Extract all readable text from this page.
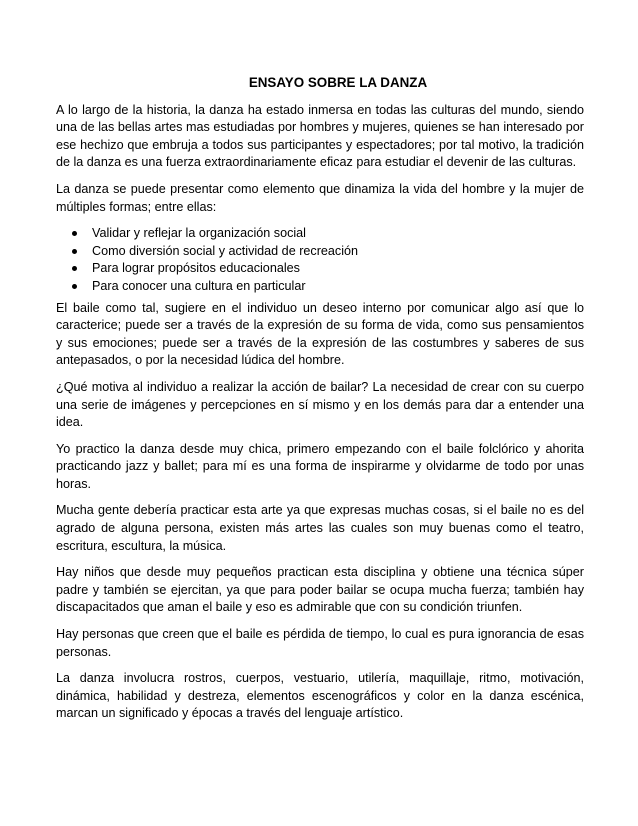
ENSAYO SOBRE LA DANZA

A lo largo de la historia, la danza ha estado inmersa en todas las culturas del mundo, siendo una de las bellas artes mas estudiadas por hombres y mujeres, quienes se han interesado por ese hechizo que embruja a todos sus participantes y espectadores; por tal motivo, la tradición de la danza es una fuerza extraordinariamente eficaz para estudiar el devenir de las culturas.

La danza se puede presentar como elemento que dinamiza la vida del hombre y la mujer de múltiples formas; entre ellas:

Validar y reflejar la organización social
Como diversión social y actividad de recreación
Para lograr propósitos educacionales
Para conocer una cultura en particular

El baile como tal, sugiere en el individuo un deseo interno por comunicar algo así que lo caracterice; puede ser a través de la expresión de su forma de vida, como sus pensamientos y sus emociones; puede ser a través de la expresión de las costumbres y saberes de sus antepasados, o por la necesidad lúdica del hombre.

¿Qué motiva al individuo a realizar la acción de bailar? La necesidad de crear con su cuerpo una serie de imágenes y percepciones en sí mismo y en los demás para dar a entender una idea.

Yo practico la danza desde muy chica, primero empezando con el baile folclórico y ahorita practicando jazz y ballet; para mí es una forma de inspirarme y olvidarme de todo por unas horas.

Mucha gente debería practicar esta arte ya que expresas muchas cosas, si el baile no es del agrado de alguna persona, existen más artes las cuales son muy buenas como el teatro, escritura, escultura, la música.

Hay niños que desde muy pequeños practican esta disciplina y obtiene una técnica súper padre y también se ejercitan, ya que para poder bailar se ocupa mucha fuerza; también hay discapacitados que aman el baile y eso es admirable que con su condición triunfen.

Hay personas que creen que el baile es pérdida de tiempo, lo cual es pura ignorancia de esas personas.

La danza involucra rostros, cuerpos, vestuario, utilería, maquillaje, ritmo, motivación, dinámica, habilidad y destreza, elementos escenográficos y color en la danza escénica, marcan un significado y épocas a través del lenguaje artístico.
